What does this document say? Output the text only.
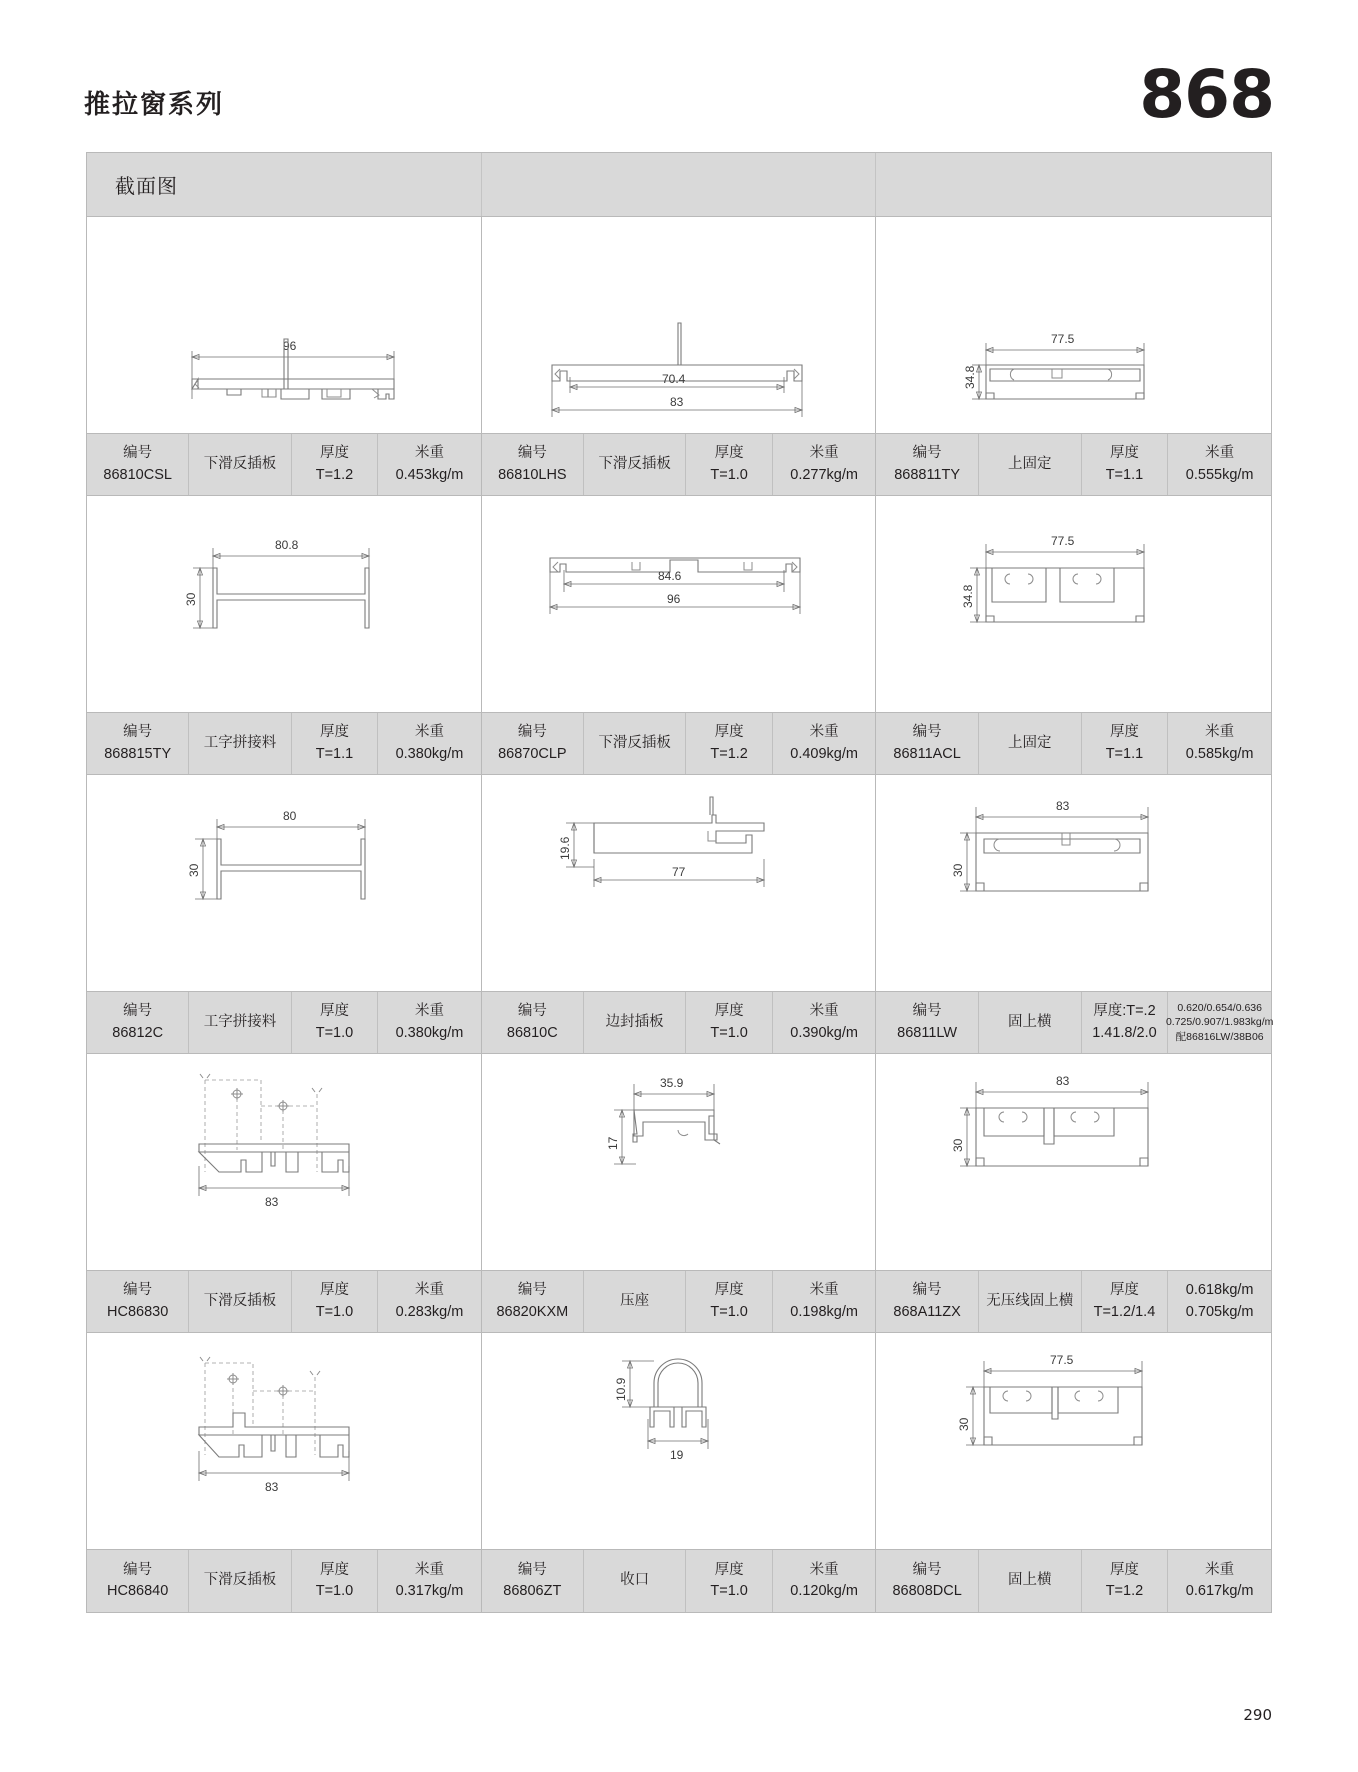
推拉窗系列	868
截面图
96
70.4
83
77.5
34.8
编号
86810CSL
下滑反插板
厚度
T=1.2
米重
0.453kg/m
编号
86810LHS
下滑反插板
厚度
T=1.0
米重
0.277kg/m
编号
868811TY
上固定
厚度
T=1.1
米重
0.555kg/m
80.8
30
84.6
96
77.5
34.8
编号
868815TY
工字拼接料
厚度
T=1.1
米重
0.380kg/m
编号
86870CLP
下滑反插板
厚度
T=1.2
米重
0.409kg/m
编号
86811ACL
上固定
厚度
T=1.1
米重
0.585kg/m
80
30
19.6
77
83
30
编号
86812C
工字拼接料
厚度
T=1.0
米重
0.380kg/m
编号
86810C
边封插板
厚度
T=1.0
米重
0.390kg/m
编号
86811LW
固上横
厚度:T=.2
1.41.8/2.0
0.620/0.654/0.636
0.725/0.907/1.983kg/m
配86816LW/38B06
83
35.9
17
83
30
编号
HC86830
下滑反插板
厚度
T=1.0
米重
0.283kg/m
编号
86820KXM
压座
厚度
T=1.0
米重
0.198kg/m
编号
868A11ZX
无压线固上横
厚度
T=1.2/1.4
0.618kg/m
0.705kg/m
83
10.9
19
77.5
30
编号
HC86840
下滑反插板
厚度
T=1.0
米重
0.317kg/m
编号
86806ZT
收口
厚度
T=1.0
米重
0.120kg/m
编号
86808DCL
固上横
厚度
T=1.2
米重
0.617kg/m
290
